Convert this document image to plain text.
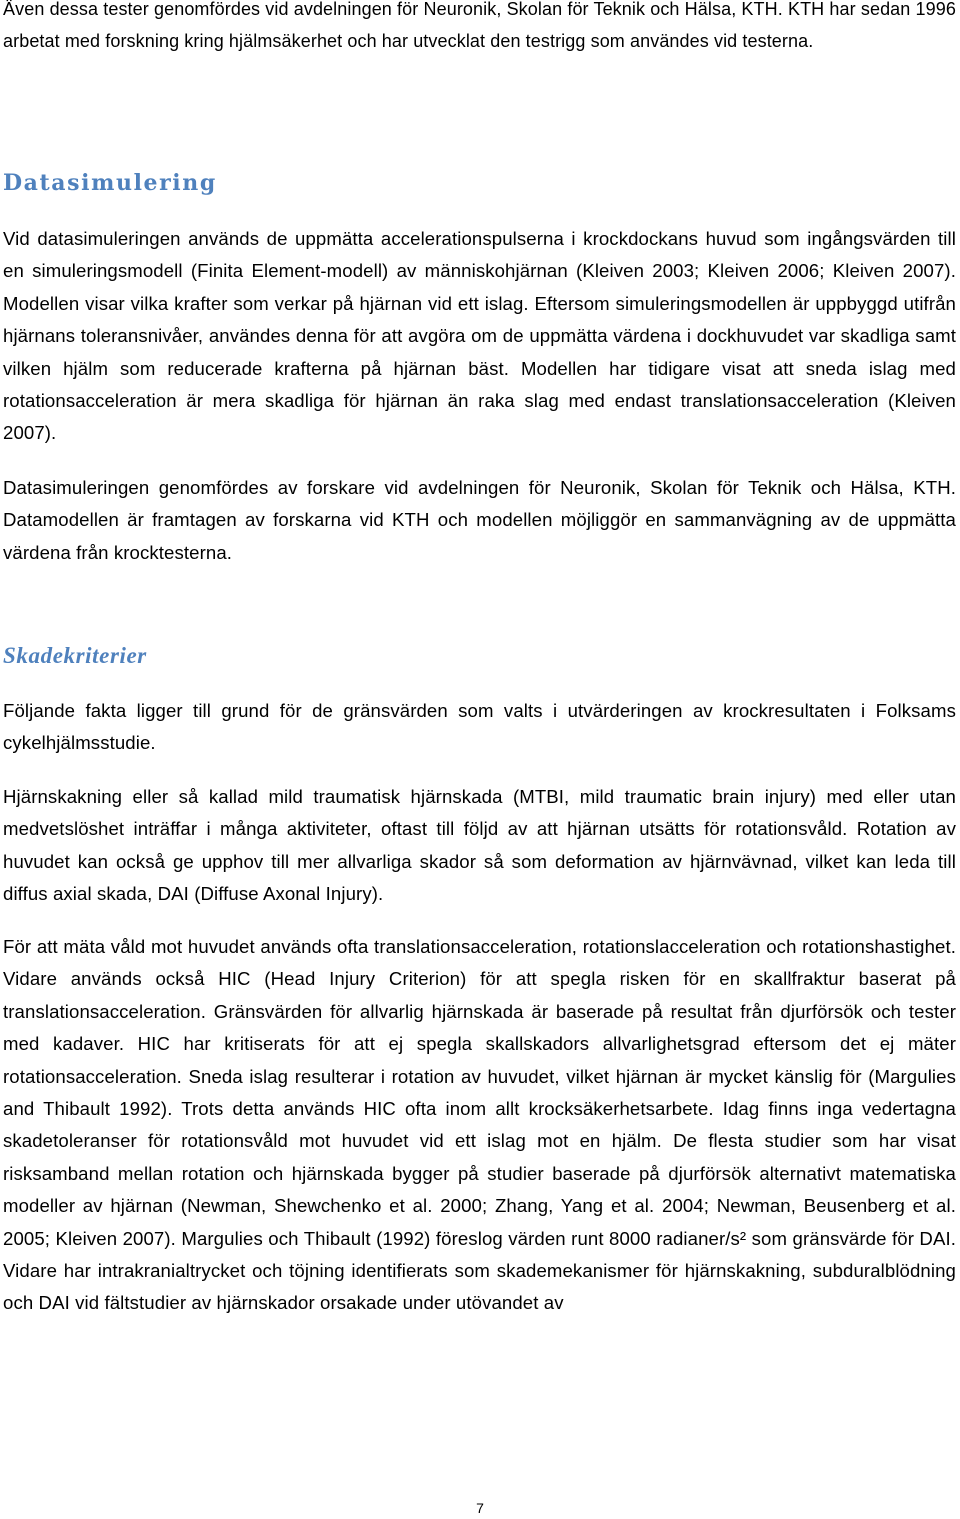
Även dessa tester genomfördes vid avdelningen för Neuronik, Skolan för Teknik och Hälsa, KTH. KTH har sedan 1996 arbetat med forskning kring hjälmsäkerhet och har utvecklat den testrigg som användes vid testerna.

Datasimulering

Vid datasimuleringen används de uppmätta accelerationspulserna i krockdockans huvud som ingångsvärden till en simuleringsmodell (Finita Element-modell) av människohjärnan (Kleiven 2003; Kleiven 2006; Kleiven 2007). Modellen visar vilka krafter som verkar på hjärnan vid ett islag. Eftersom simuleringsmodellen är uppbyggd utifrån hjärnans toleransnivåer, användes denna för att avgöra om de uppmätta värdena i dockhuvudet var skadliga samt vilken hjälm som reducerade krafterna på hjärnan bäst. Modellen har tidigare visat att sneda islag med rotationsacceleration är mera skadliga för hjärnan än raka slag med endast translationsacceleration (Kleiven 2007).

Datasimuleringen genomfördes av forskare vid avdelningen för Neuronik, Skolan för Teknik och Hälsa, KTH. Datamodellen är framtagen av forskarna vid KTH och modellen möjliggör en sammanvägning av de uppmätta värdena från krocktesterna.

Skadekriterier

Följande fakta ligger till grund för de gränsvärden som valts i utvärderingen av krockresultaten i Folksams cykelhjälmsstudie.

Hjärnskakning eller så kallad mild traumatisk hjärnskada (MTBI, mild traumatic brain injury) med eller utan medvetslöshet inträffar i många aktiviteter, oftast till följd av att hjärnan utsätts för rotationsvåld. Rotation av huvudet kan också ge upphov till mer allvarliga skador så som deformation av hjärnvävnad, vilket kan leda till diffus axial skada, DAI (Diffuse Axonal Injury).

För att mäta våld mot huvudet används ofta translationsacceleration, rotationslacceleration och rotationshastighet. Vidare används också HIC (Head Injury Criterion) för att spegla risken för en skallfraktur baserat på translationsacceleration. Gränsvärden för allvarlig hjärnskada är baserade på resultat från djurförsök och tester med kadaver. HIC har kritiserats för att ej spegla skallskadors allvarlighetsgrad eftersom det ej mäter rotationsacceleration. Sneda islag resulterar i rotation av huvudet, vilket hjärnan är mycket känslig för (Margulies and Thibault 1992). Trots detta används HIC ofta inom allt krocksäkerhetsarbete. Idag finns inga vedertagna skadetoleranser för rotationsvåld mot huvudet vid ett islag mot en hjälm. De flesta studier som har visat risksamband mellan rotation och hjärnskada bygger på studier baserade på djurförsök alternativt matematiska modeller av hjärnan (Newman, Shewchenko et al. 2000; Zhang, Yang et al. 2004; Newman, Beusenberg et al. 2005; Kleiven 2007). Margulies och Thibault (1992) föreslog värden runt 8000 radianer/s² som gränsvärde för DAI. Vidare har intrakranialtrycket och töjning identifierats som skademekanismer för hjärnskakning, subduralblödning och DAI vid fältstudier av hjärnskador orsakade under utövandet av

7
